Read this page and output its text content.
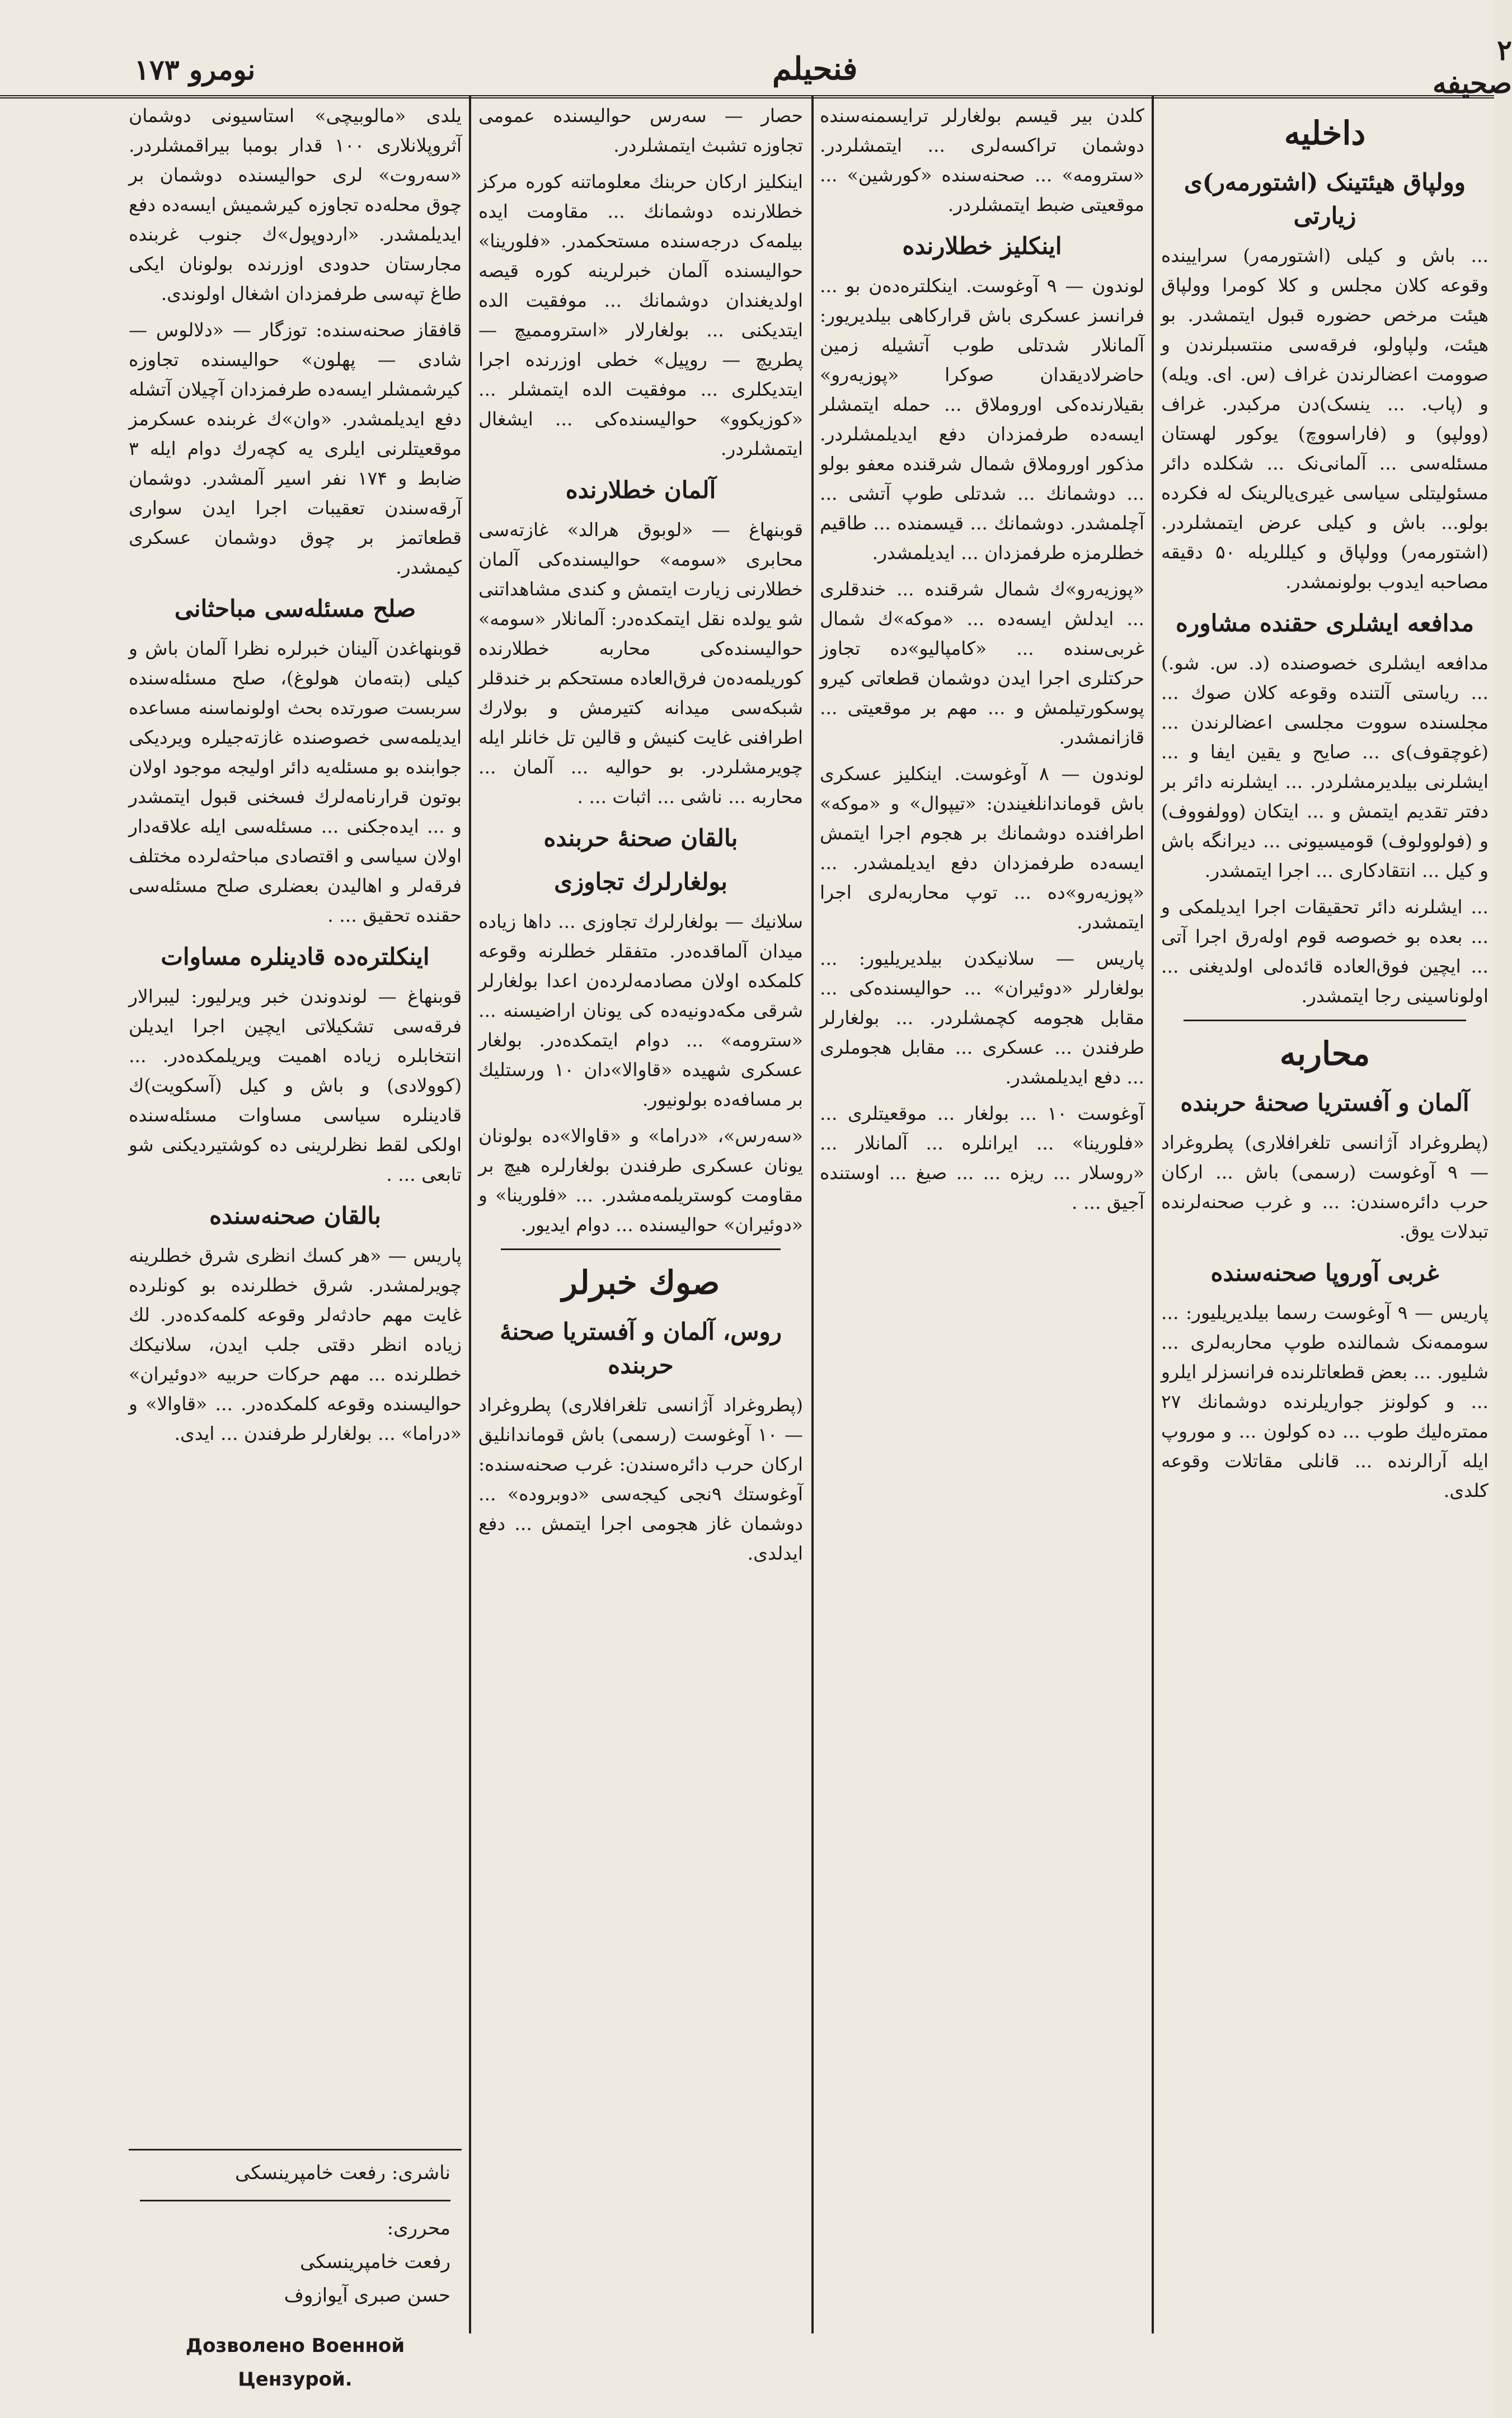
نومرو ۱۷۳	فنحیلم
۲ صحیفه
داخلیه
وولپاق هیئتینک (اشتورمه‌ر)ی زیارتی

... باش و کیلی (اشتورمه‌ر) سرایینده وقوعه کلان مجلس و کلا کومرا وولپاق هیئت مرخص حضوره قبول ایتمشدر. بو هیئت، ولپاولو، فرقه‌سی منتسبلرندن و صوومت اعضالرندن غراف (س. ای. ویله) و (پاب. ... ینسک)دن مرکبدر. غراف (وولپو) و (فاراسووچ) یوکور لهستان مسئله‌سی ... آلمانی‌نک ... شکلده دائر مسئولیتلی سیاسی غیری‌یالرینک له فکرده بولو... باش و کیلی عرض ایتمشلردر. (اشتورمه‌ر) وولپاق و کیللریله ۵۰ دقیقه مصاحبه ایدوب بولونمشدر.

مدافعه ایشلری حقنده مشاوره

مدافعه ایشلری خصوصنده (د. س. شو.) ... ریاستی آلتنده وقوعه کلان صوك ... مجلسنده سووت مجلسی اعضالرندن ... (غوچقوف)ی ... صایح و یقین ایفا و ... ایشلرنی بیلدیرمشلردر. ... ایشلرنه دائر بر دفتر تقدیم ایتمش و ... ایتکان (وولفووف) و (فولوولوف) قومیسیونی ... دیرانگه باش و کیل ... انتقادکاری ... اجرا ایتمشدر.

... ایشلرنه دائر تحقیقات اجرا ایدیلمکی و ... بعده بو خصوصه قوم اوله‌رق اجرا آتی ... ایچین فوق‌العاده قائده‌لی اولدیغنی ... اولوناسینی رجا ایتمشدر.

محاربه
آلمان و آفستریا صحنهٔ حربنده

(پطروغراد آژانسی تلغرافلاری) پطروغراد — ۹ آوغوست (رسمی) باش ... ارکان حرب دائره‌سندن: ... و غرب صحنه‌لرنده تبدلات یوق.

غربی آوروپا صحنه‌سنده

پاریس — ۹ آوغوست رسما بیلدیریلیور: ... سوممه‌نک شمالنده طوپ محاربه‌لری ... شلیور. ... بعض قطعاتلرنده فرانسزلر ایلرو ... و کولونز جواریلرنده دوشمانك ۲۷ ممتره‌لیك طوب ... ده کولون ... و موروپ ایله آرالرنده ... قانلی مقاتلات وقوعه کلدی.

کلدن بیر قیسم بولغارلر ترایسمنه‌سنده دوشمان تراکسه‌لری ... ایتمشلردر. «سترومه» ... صحنه‌سنده «کورشین» ... موقعیتی ضبط ایتمشلردر.

اینکلیز خطلارنده

لوندون — ۹ آوغوست. اینکلتره‌ده‌ن بو ... فرانسز عسکری باش قرارکاهی بیلدیریور: آلمانلار شدتلی طوب آتشیله زمین حاضرلادیقدان صوکرا «پوزیه‌رو» بقیلارنده‌کی اوروملاق ... حمله ایتمشلر ایسه‌ده طرفمزدان دفع ایدیلمشلردر. مذکور اوروملاق شمال شرقنده معفو بولو ... دوشمانك ... شدتلی طوپ آتشی ... آچلمشدر. دوشمانك ... قیسمنده ... طاقیم خطلرمزه طرفمزدان ... ایدیلمشدر.

«پوزیه‌رو»ك شمال شرقنده ... خندقلری ... ایدلش ایسه‌ده ... «موکه»ك شمال غربی‌سنده ... «کامپالیو»ده تجاوز حرکتلری اجرا ایدن دوشمان قطعاتی کیرو پوسکورتیلمش و ... مهم بر موقعیتی ... قازانمشدر.

لوندون — ۸ آوغوست. اینکلیز عسکری باش قوماندانلغیندن: «تیپوال» و «موکه» اطرافنده دوشمانك بر هجوم اجرا ایتمش ایسه‌ده طرفمزدان دفع ایدیلمشدر. ... «پوزیه‌رو»ده ... توپ محاربه‌لری اجرا ایتمشدر.

پاریس — سلانیکدن بیلدیریلیور: ... بولغارلر «دوئیران» ... حوالیسنده‌کی ... مقابل هجومه کچمشلردر. ... بولغارلر طرفندن ... عسکری ... مقابل هجوملری ... دفع ایدیلمشدر.

آوغوست ۱۰ ... بولغار ... موقعیتلری ... «فلورینا» ... ایرانلره ... آلمانلار ... «روسلار ... ریزه ... ... صیغ ... اوستنده آجیق ... .

حصار — سه‌رس حوالیسنده عمومی تجاوزه تشبث ایتمشلردر.

اینکلیز ارکان حربنك معلوماتنه کوره مرکز خطلارنده دوشمانك ... مقاومت ایده بیلمه‌ک درجه‌سنده مستحکمدر. «فلورینا» حوالیسنده آلمان خبرلرینه کوره قیصه اولدیغندان دوشمانك ... موفقیت الده ایتدیکنی ... بولغارلار «استروممیچ — پطریچ — روپیل» خطی اوزرنده اجرا ایتدیکلری ... موفقیت الده ایتمشلر ... «کوزیکوو» حوالیسنده‌کی ... ایشغال ایتمشلردر.

آلمان خطلارنده

قوبنهاغ — «لوبوق هرالد» غازته‌سی محابری «سومه» حوالیسنده‌کی آلمان خطلارنی زیارت ایتمش و کندی مشاهداتنی شو یولده نقل ایتمکده‌در: آلمانلار «سومه» حوالیسنده‌کی محاربه خطلارنده کوریلمه‌ده‌ن فرق‌العاده مستحکم بر خندقلر شبکه‌سی میدانه کتیرمش و بولارك اطرافنی غایت کنیش و قالین تل خانلر ایله چویرمشلردر. بو حوالیه ... آلمان ... محاربه ... ناشی ... اثبات ... .

بالقان صحنهٔ حربنده
بولغارلرك تجاوزی

سلانیك — بولغارلرك تجاوزی ... داها زیاده میدان آلماقده‌در. متفقلر خطلرنه وقوعه کلمکده اولان مصادمه‌لرده‌ن اعدا بولغارلر شرقی مکه‌دونیه‌ده کی یونان اراضیسنه ... «سترومه» ... دوام ایتمکده‌در. بولغار عسکری شهیده «قاوالا»دان ۱۰ ورستلیك بر مسافه‌ده بولونیور.

«سه‌رس»، «دراما» و «قاوالا»ده بولونان یونان عسکری طرفندن بولغارلره هیچ بر مقاومت کوستریلمه‌مشدر. ... «فلورینا» و «دوئیران» حوالیسنده ... دوام ایدیور.

صوك خبرلر
روس، آلمان و آفستریا صحنهٔ حربنده

(پطروغراد آژانسی تلغرافلاری) پطروغراد — ۱۰ آوغوست (رسمی) باش قوماندانلیق ارکان حرب دائره‌سندن: غرب صحنه‌سنده: آوغوستك ۹نجی کیجه‌سی «دوبروده» ... دوشمان غاز هجومی اجرا ایتمش ... دفع ایدلدی.

یلدی «مالوبیچی» استاسیونی دوشمان آثروپلانلاری ۱۰۰ قدار بومبا بیراقمشلردر. «سه‌روت» لری حوالیسنده دوشمان بر چوق محله‌ده تجاوزه کیرشمیش ایسه‌ده دفع ایدیلمشدر. «اردوپول»ك جنوب غربنده مجارستان حدودی اوزرنده بولونان ایکی طاغ تپه‌سی طرفمزدان اشغال اولوندی.

قافقاز صحنه‌سنده: توزگار — «دلالوس — شادی — پهلون» حوالیسنده تجاوزه کیرشمشلر ایسه‌ده طرفمزدان آچیلان آتشله دفع ایدیلمشدر. «وان»ك غربنده عسکرمز موقعیتلرنی ایلری یه کچه‌رك دوام ایله ۳ ضابط و ۱۷۴ نفر اسیر آلمشدر. دوشمان آرقه‌سندن تعقیبات اجرا ایدن سواری قطعاتمز بر چوق دوشمان عسکری کیمشدر.

صلح مسئله‌سی مباحثانی

قوبنهاغدن آلینان خبرلره نظرا آلمان باش و کیلی (بته‌مان هولوغ)، صلح مسئله‌سنده سربست صورتده بحث اولونماسنه مساعده ایدیلمه‌سی خصوصنده غازته‌جیلره ویردیکی جوابنده بو مسئله‌یه دائر اولیجه موجود اولان بوتون قرارنامه‌لرك فسخنی قبول ایتمشدر و ... ایده‌جکنی ... مسئله‌سی ایله علاقه‌دار اولان سیاسی و اقتصادی مباحثه‌لرده مختلف فرقه‌لر و اهالیدن بعضلری صلح مسئله‌سی حقنده تحقیق ... .

اینکلتره‌ده قادینلره مساوات

قوبنهاغ — لوندوندن خبر ویرلیور: لیبرالار فرقه‌سی تشکیلاتی ایچین اجرا ایدیلن انتخابلره زیاده اهمیت ویریلمکده‌در. ... (کوولادی) و باش و کیل (آسکویت)ك قادینلره سیاسی مساوات مسئله‌سنده اولکی لقط نظرلرینی ده کوشتیردیکنی شو تابعی ... .

بالقان صحنه‌سنده

پاریس — «هر کسك انظری شرق خطلرینه چویرلمشدر. شرق خطلرنده بو کونلرده غایت مهم حادثه‌لر وقوعه کلمه‌کده‌در. لك زیاده انظر دقتی جلب ایدن، سلانیكك خطلرنده ... مهم حرکات حربیه «دوئیران» حوالیسنده وقوعه کلمکده‌در. ... «قاوالا» و «دراما» ... بولغارلر طرفندن ... ایدی.

ناشری: رفعت خامپرینسکی
محرری:
رفعت خامپرینسکی
حسن صبری آیوازوف
Дозволено Военной Цензурой.
